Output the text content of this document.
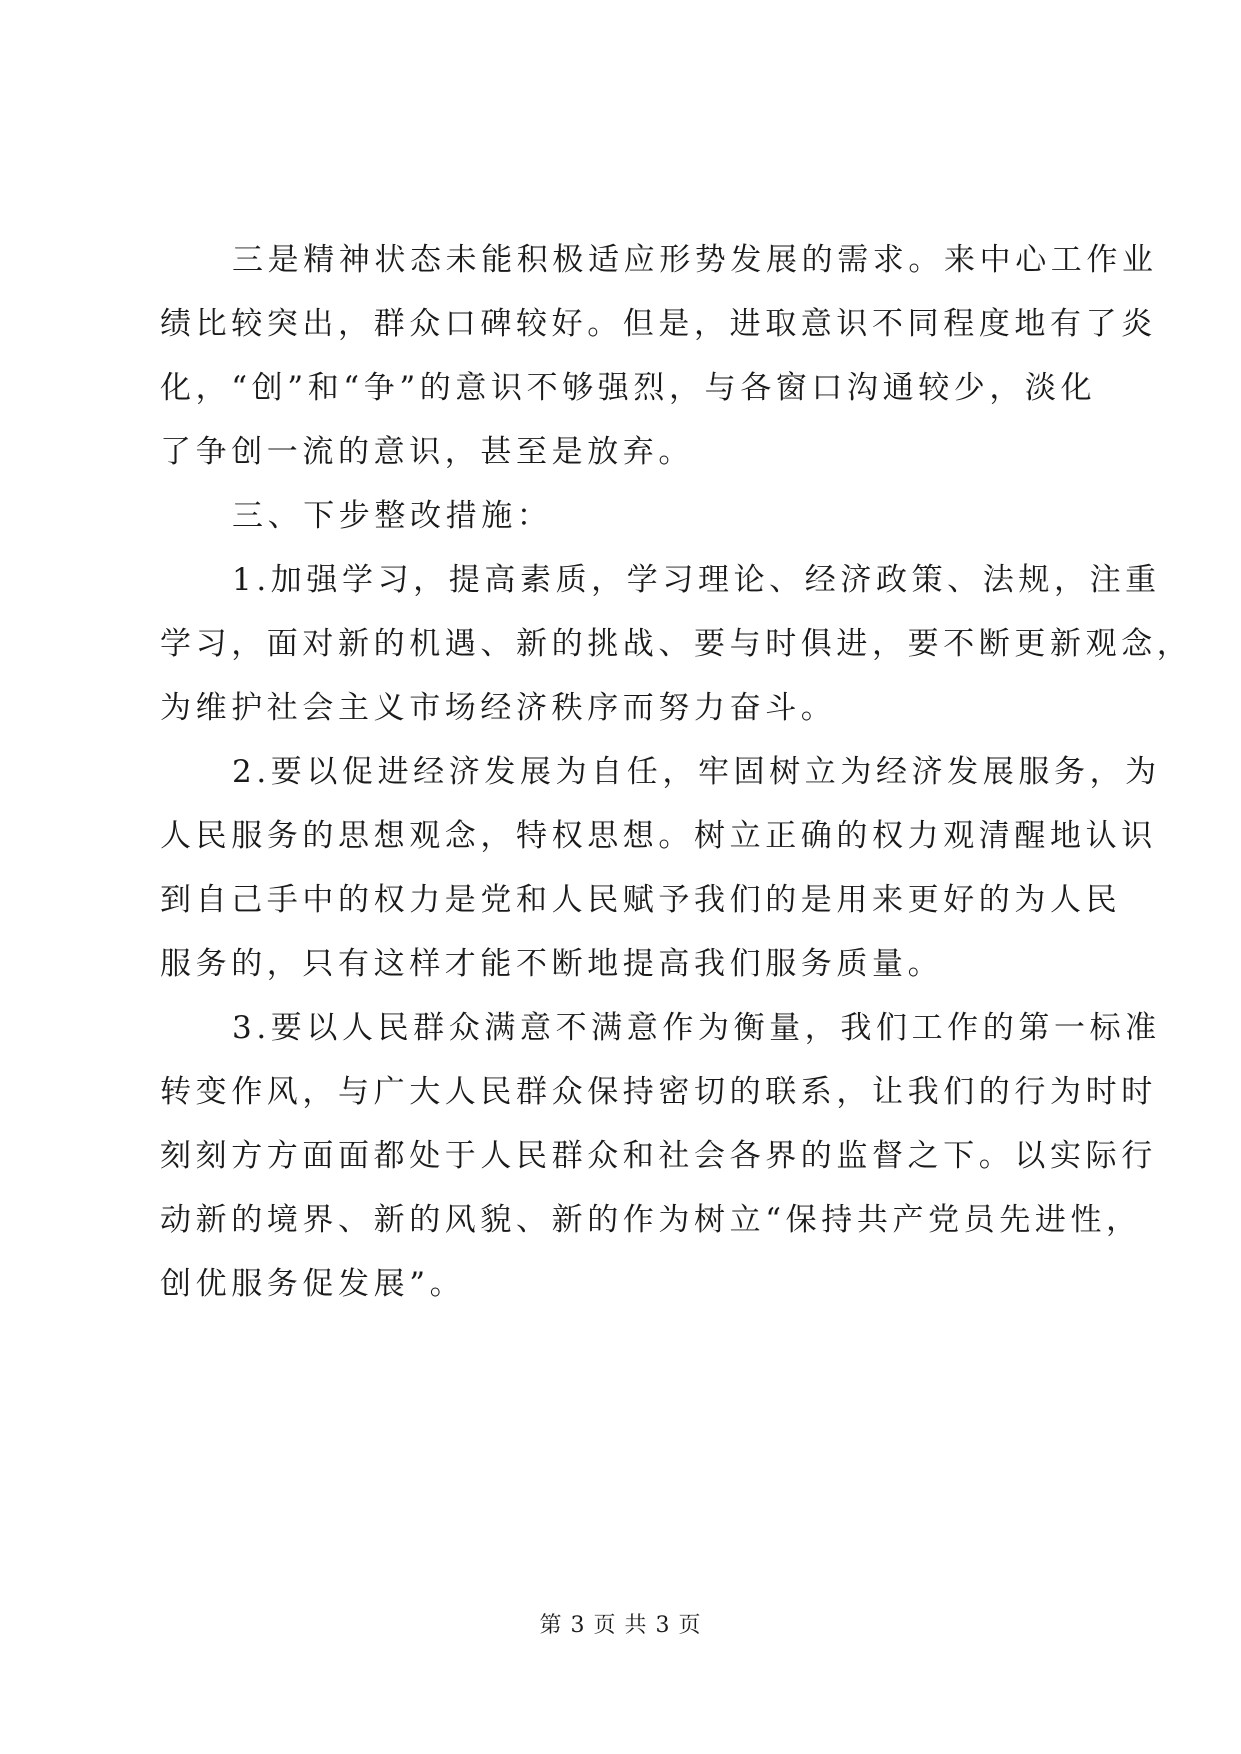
三是精神状态未能积极适应形势发展的需求。来中心工作业
绩比较突出，群众口碑较好。但是，进取意识不同程度地有了炎
化，“创”和“争”的意识不够强烈，与各窗口沟通较少，淡化
了争创一流的意识，甚至是放弃。

三、下步整改措施：

1.加强学习，提高素质，学习理论、经济政策、法规，注重
学习，面对新的机遇、新的挑战、要与时俱进，要不断更新观念，
为维护社会主义市场经济秩序而努力奋斗。

2.要以促进经济发展为自任，牢固树立为经济发展服务，为
人民服务的思想观念，特权思想。树立正确的权力观清醒地认识
到自己手中的权力是党和人民赋予我们的是用来更好的为人民
服务的，只有这样才能不断地提高我们服务质量。

3.要以人民群众满意不满意作为衡量，我们工作的第一标准
转变作风，与广大人民群众保持密切的联系，让我们的行为时时
刻刻方方面面都处于人民群众和社会各界的监督之下。以实际行
动新的境界、新的风貌、新的作为树立“保持共产党员先进性，
创优服务促发展”。

第 3 页 共 3 页
